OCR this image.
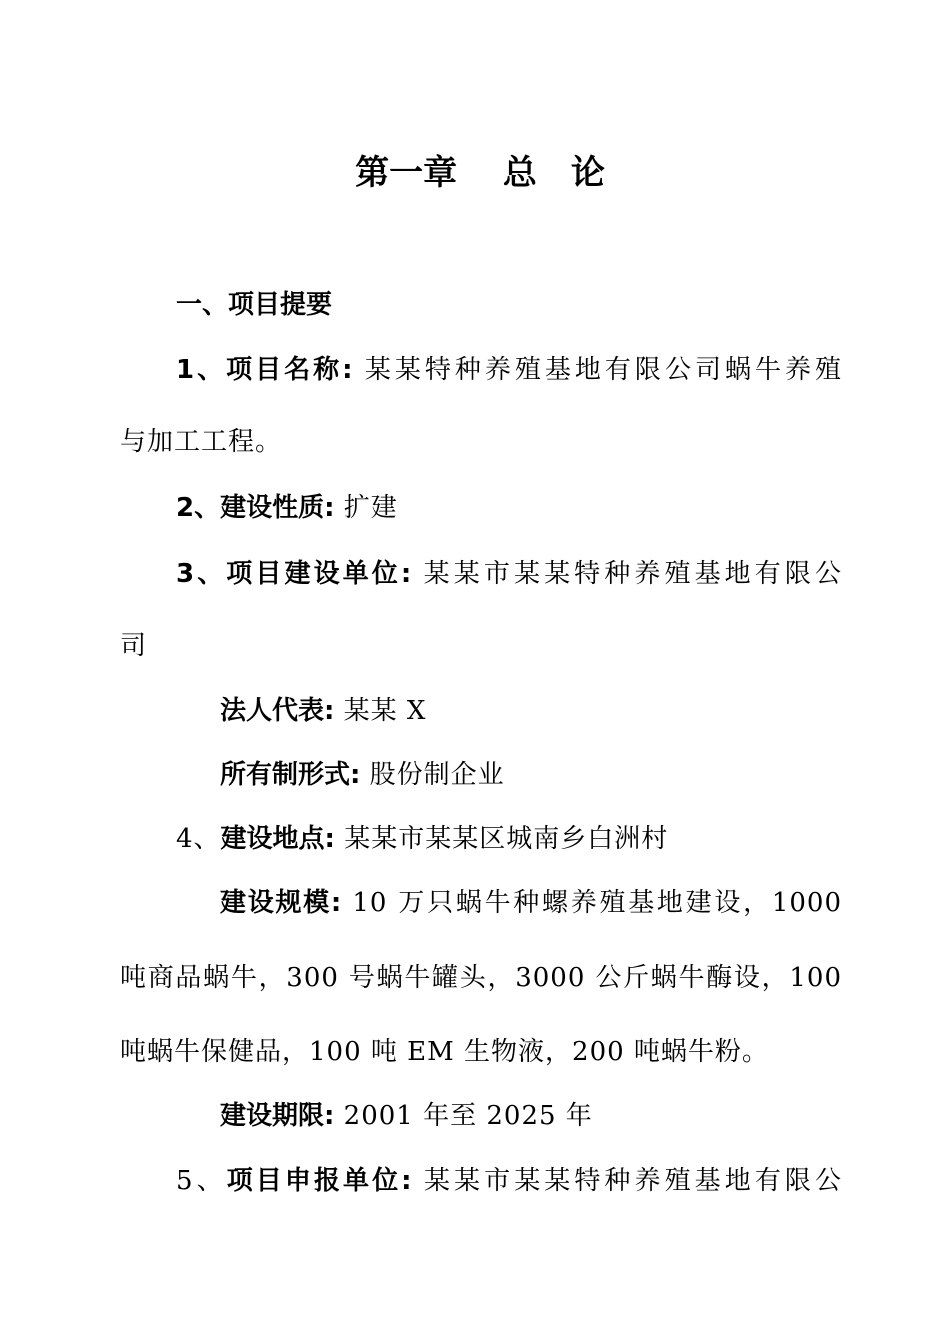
第一章　 总　论
一、项目提要
1、项目名称: 某某特种养殖基地有限公司蜗牛养殖
与加工工程。
2、建设性质: 扩建
3、项目建设单位: 某某市某某特种养殖基地有限公
司
法人代表: 某某 X
所有制形式: 股份制企业
4、建设地点: 某某市某某区城南乡白洲村
建设规模: 10 万只蜗牛种螺养殖基地建设，1000
吨商品蜗牛，300 号蜗牛罐头，3000 公斤蜗牛酶设，100
吨蜗牛保健品，100 吨 EM 生物液，200 吨蜗牛粉。
建设期限: 2001 年至 2025 年
5、项目申报单位: 某某市某某特种养殖基地有限公
